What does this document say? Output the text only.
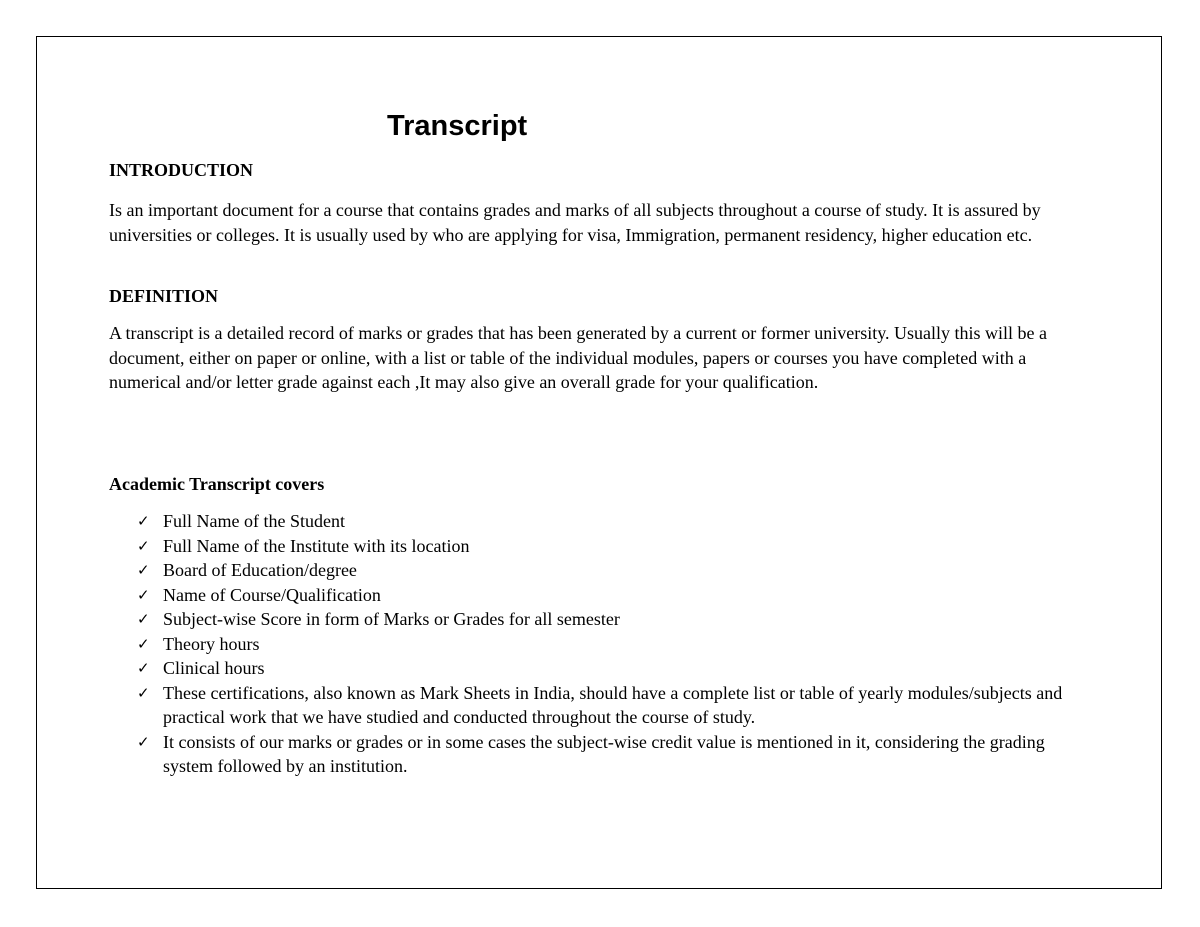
Transcript
INTRODUCTION

Is an important document for a course that contains grades and marks of all subjects throughout a course of study. It is assured by universities or colleges. It is usually used by who are applying for visa, Immigration, permanent residency, higher education etc.

DEFINITION

A transcript is a detailed record of marks or grades that has been generated by a current or former university. Usually this will be a document, either on paper or online, with a list or table of the individual modules, papers or courses you have completed with a numerical and/or letter grade against each ,It may also give an overall grade for your qualification.

Academic Transcript covers
✓ Full Name of the Student
✓ Full Name of the Institute with its location
✓ Board of Education/degree
✓ Name of Course/Qualification
✓ Subject-wise Score in form of Marks or Grades for all semester
✓ Theory hours
✓ Clinical hours
✓ These certifications, also known as Mark Sheets in India, should have a complete list or table of yearly modules/subjects and practical work that we have studied and conducted throughout the course of study.
✓ It consists of our marks or grades or in some cases the subject-wise credit value is mentioned in it, considering the grading system followed by an institution.
